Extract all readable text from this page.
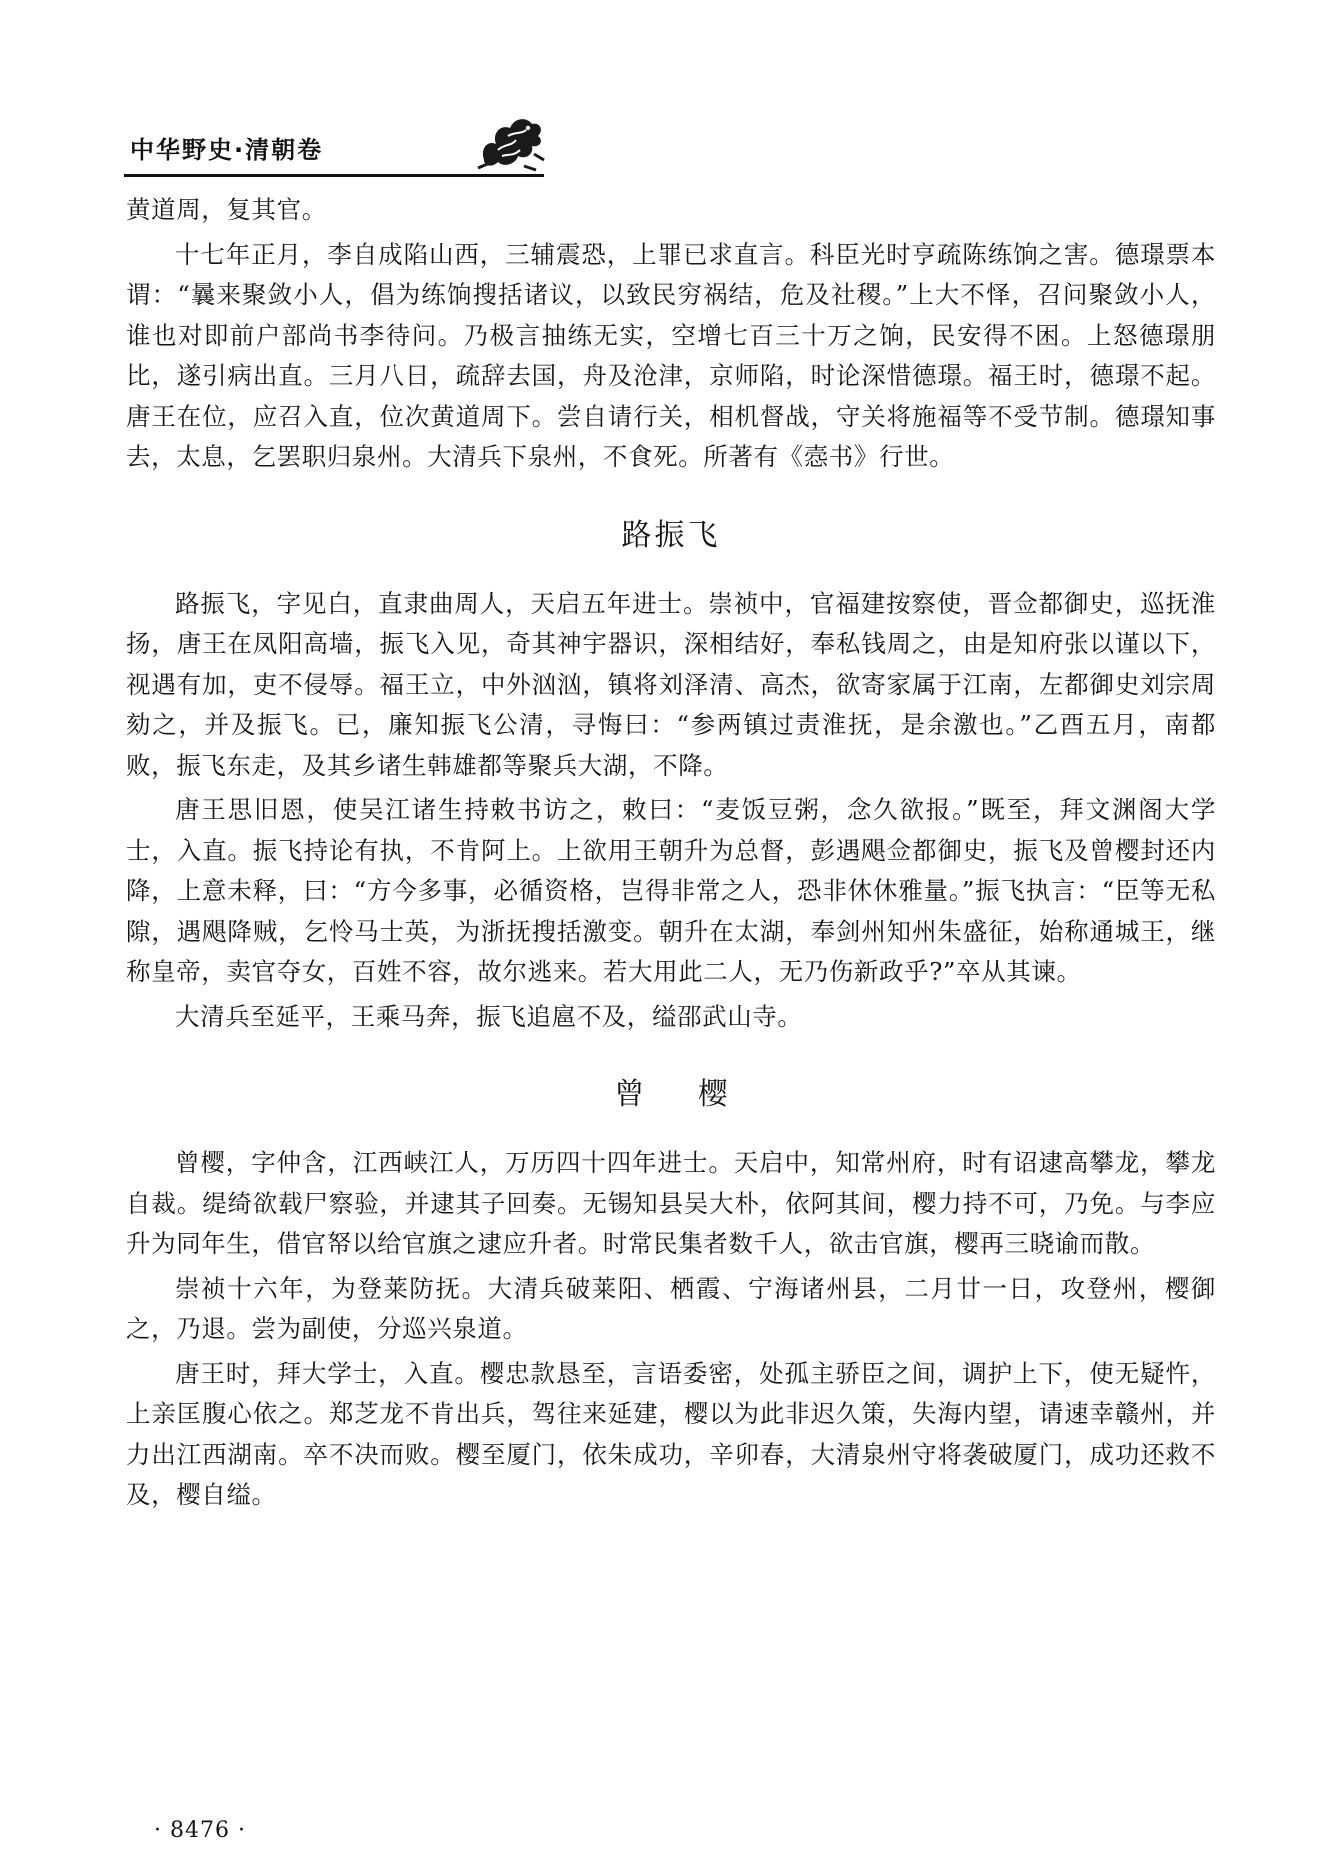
中华野史·清朝卷

黄道周，复其官。

十七年正月，李自成陷山西，三辅震恐，上罪已求直言。科臣光时亨疏陈练饷之害。德璟票本谓：“曩来聚敛小人，倡为练饷搜括诸议，以致民穷祸结，危及社稷。”上大不怿，召问聚敛小人，谁也对即前户部尚书李待问。乃极言抽练无实，空增七百三十万之饷，民安得不困。上怒德璟朋比，遂引病出直。三月八日，疏辞去国，舟及沧津，京师陷，时论深惜德璟。福王时，德璟不起。唐王在位，应召入直，位次黄道周下。尝自请行关，相机督战，守关将施福等不受节制。德璟知事去，太息，乞罢职归泉州。大清兵下泉州，不食死。所著有《悫书》行世。

路振飞

路振飞，字见白，直隶曲周人，天启五年进士。崇祯中，官福建按察使，晋佥都御史，巡抚淮扬，唐王在凤阳高墙，振飞入见，奇其神宇器识，深相结好，奉私钱周之，由是知府张以谨以下，视遇有加，吏不侵辱。福王立，中外汹汹，镇将刘泽清、高杰，欲寄家属于江南，左都御史刘宗周劾之，并及振飞。已，廉知振飞公清，寻悔曰：“参两镇过责淮抚，是余激也。”乙酉五月，南都败，振飞东走，及其乡诸生韩雄都等聚兵大湖，不降。

唐王思旧恩，使吴江诸生持敕书访之，敕曰：“麦饭豆粥，念久欲报。”既至，拜文渊阁大学士，入直。振飞持论有执，不肯阿上。上欲用王朝升为总督，彭遇飓佥都御史，振飞及曾樱封还内降，上意未释，曰：“方今多事，必循资格，岂得非常之人，恐非休休雅量。”振飞执言：“臣等无私隙，遇飓降贼，乞怜马士英，为浙抚搜括激变。朝升在太湖，奉剑州知州朱盛征，始称通城王，继称皇帝，卖官夺女，百姓不容，故尔逃来。若大用此二人，无乃伤新政乎?”卒从其谏。

大清兵至延平，王乘马奔，振飞追扈不及，缢邵武山寺。

曾 樱

曾樱，字仲含，江西峡江人，万历四十四年进士。天启中，知常州府，时有诏逮高攀龙，攀龙自裁。缇绮欲载尸察验，并逮其子回奏。无锡知县吴大朴，依阿其间，樱力持不可，乃免。与李应升为同年生，借官帑以给官旗之逮应升者。时常民集者数千人，欲击官旗，樱再三晓谕而散。

崇祯十六年，为登莱防抚。大清兵破莱阳、栖霞、宁海诸州县，二月廿一日，攻登州，樱御之，乃退。尝为副使，分巡兴泉道。

唐王时，拜大学士，入直。樱忠款恳至，言语委密，处孤主骄臣之间，调护上下，使无疑忤，上亲匡腹心依之。郑芝龙不肯出兵，驾往来延建，樱以为此非迟久策，失海内望，请速幸赣州，并力出江西湖南。卒不决而败。樱至厦门，依朱成功，辛卯春，大清泉州守将袭破厦门，成功还救不及，樱自缢。

· 8476 ·
